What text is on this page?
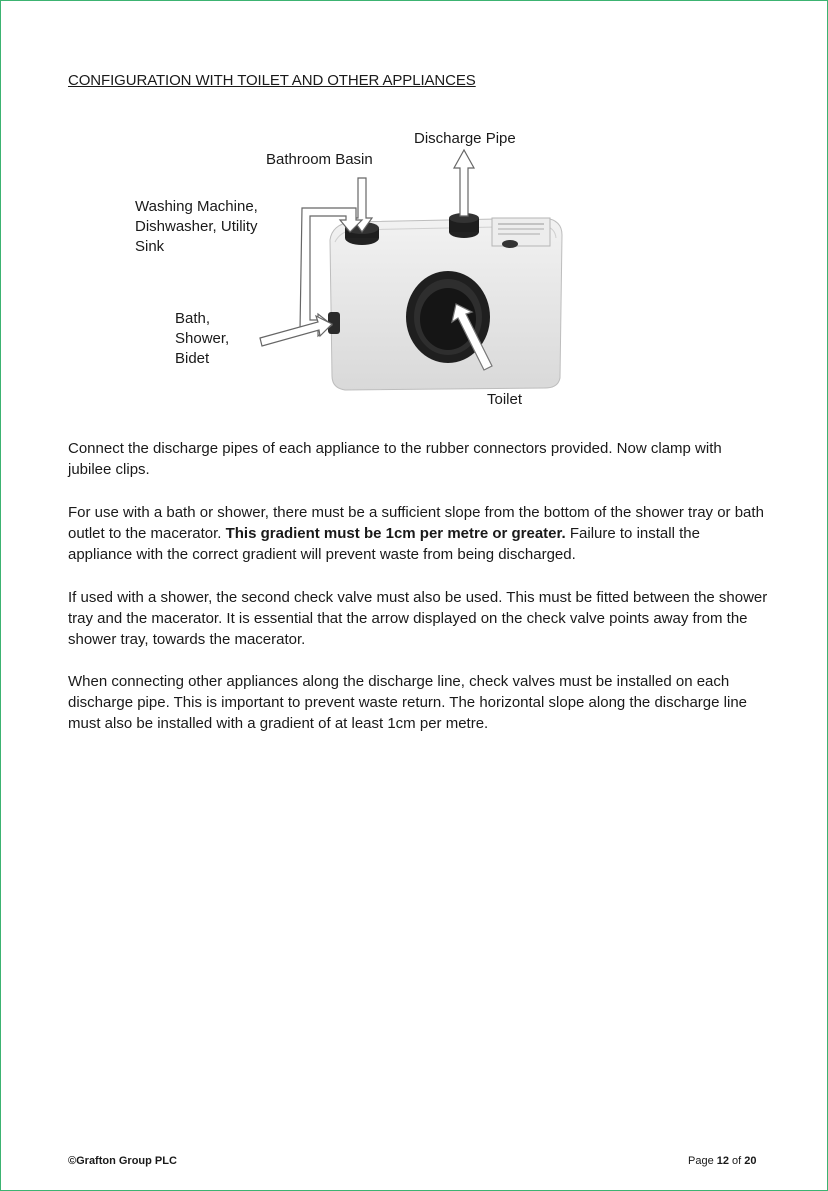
CONFIGURATION WITH TOILET AND OTHER APPLIANCES
Discharge Pipe
Bathroom Basin
Washing Machine,
Dishwasher, Utility
Sink
Bath,
Shower,
Bidet
Toilet

Connect the discharge pipes of each appliance to the rubber connectors provided. Now clamp with jubilee clips.

For use with a bath or shower, there must be a sufficient slope from the bottom of the shower tray or bath outlet to the macerator. This gradient must be 1cm per metre or greater. Failure to install the appliance with the correct gradient will prevent waste from being discharged.

If used with a shower, the second check valve must also be used. This must be fitted between the shower tray and the macerator. It is essential that the arrow displayed on the check valve points away from the shower tray, towards the macerator.

When connecting other appliances along the discharge line, check valves must be installed on each discharge pipe. This is important to prevent waste return. The horizontal slope along the discharge line must also be installed with a gradient of at least 1cm per metre.

©Grafton Group PLC	Page 12 of 20
